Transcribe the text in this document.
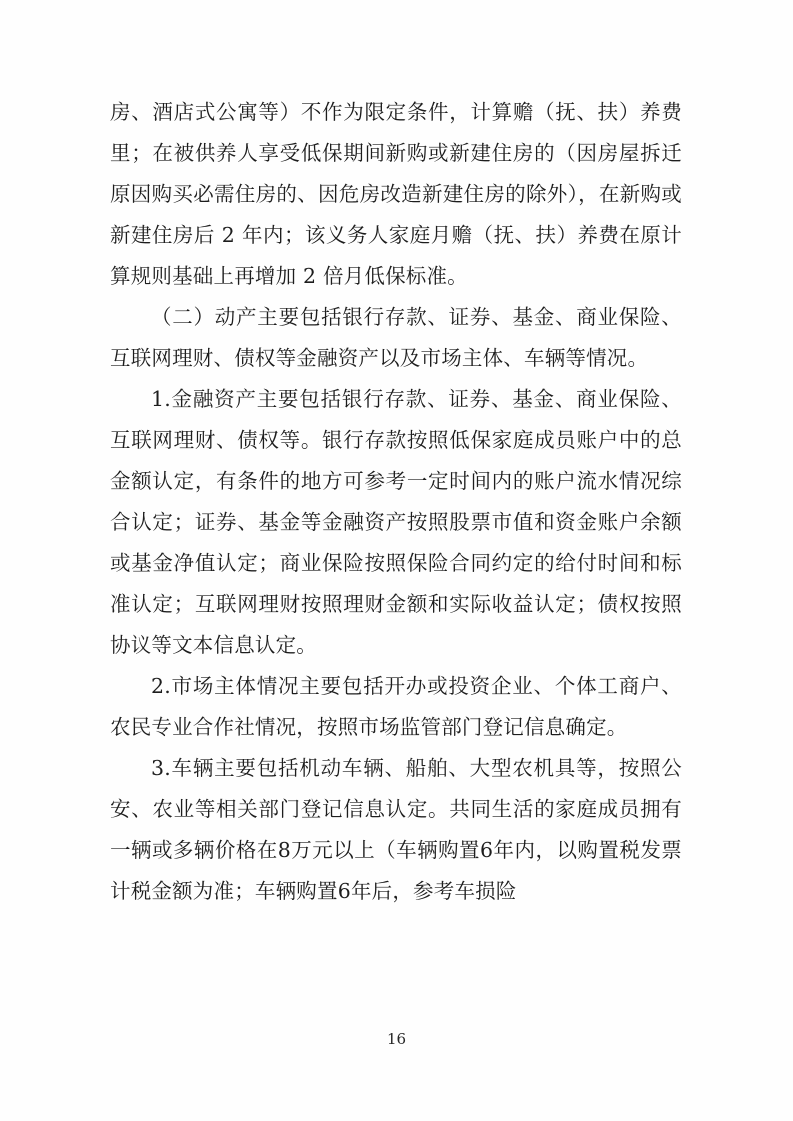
房、酒店式公寓等）不作为限定条件，计算赡（抚、扶）养费里；在被供养人享受低保期间新购或新建住房的（因房屋拆迁原因购买必需住房的、因危房改造新建住房的除外），在新购或新建住房后 2 年内；该义务人家庭月赡（抚、扶）养费在原计算规则基础上再增加 2 倍月低保标准。

（二）动产主要包括银行存款、证券、基金、商业保险、互联网理财、债权等金融资产以及市场主体、车辆等情况。

1.金融资产主要包括银行存款、证券、基金、商业保险、互联网理财、债权等。银行存款按照低保家庭成员账户中的总金额认定，有条件的地方可参考一定时间内的账户流水情况综合认定；证券、基金等金融资产按照股票市值和资金账户余额或基金净值认定；商业保险按照保险合同约定的给付时间和标准认定；互联网理财按照理财金额和实际收益认定；债权按照协议等文本信息认定。

2.市场主体情况主要包括开办或投资企业、个体工商户、农民专业合作社情况，按照市场监管部门登记信息确定。

3.车辆主要包括机动车辆、船舶、大型农机具等，按照公安、农业等相关部门登记信息认定。共同生活的家庭成员拥有一辆或多辆价格在8万元以上（车辆购置6年内，以购置税发票计税金额为准；车辆购置6年后，参考车损险

16
